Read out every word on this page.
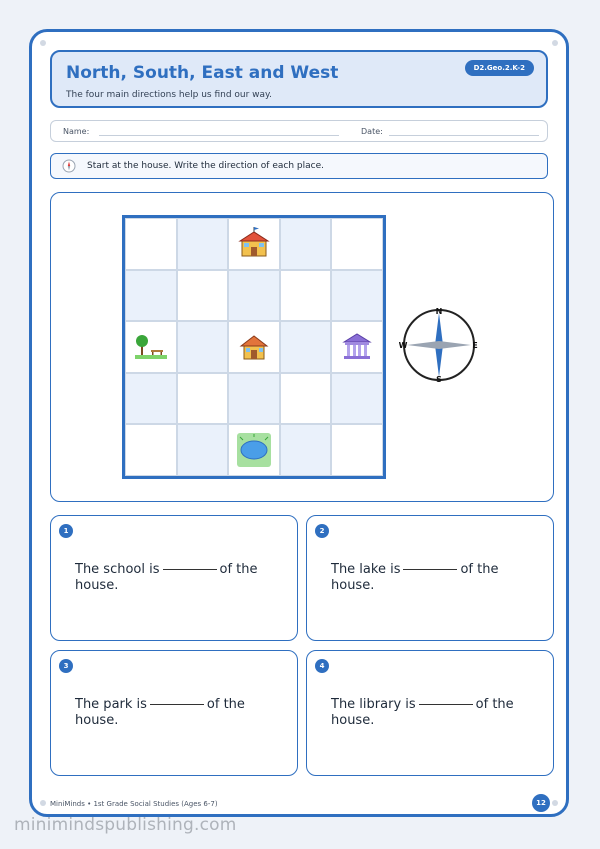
North, South, East and West
The four main directions help us find our way.
D2.Geo.2.K-2
Name:	Date:
Start at the house. Write the direction of each place.
N
E
S
W
1
The school is	of the house.
2
The lake is	of the house.
3
The park is	of the house.
4
The library is	of the house.
MiniMinds • 1st Grade Social Studies (Ages 6-7)	12
minimindspublishing.com
